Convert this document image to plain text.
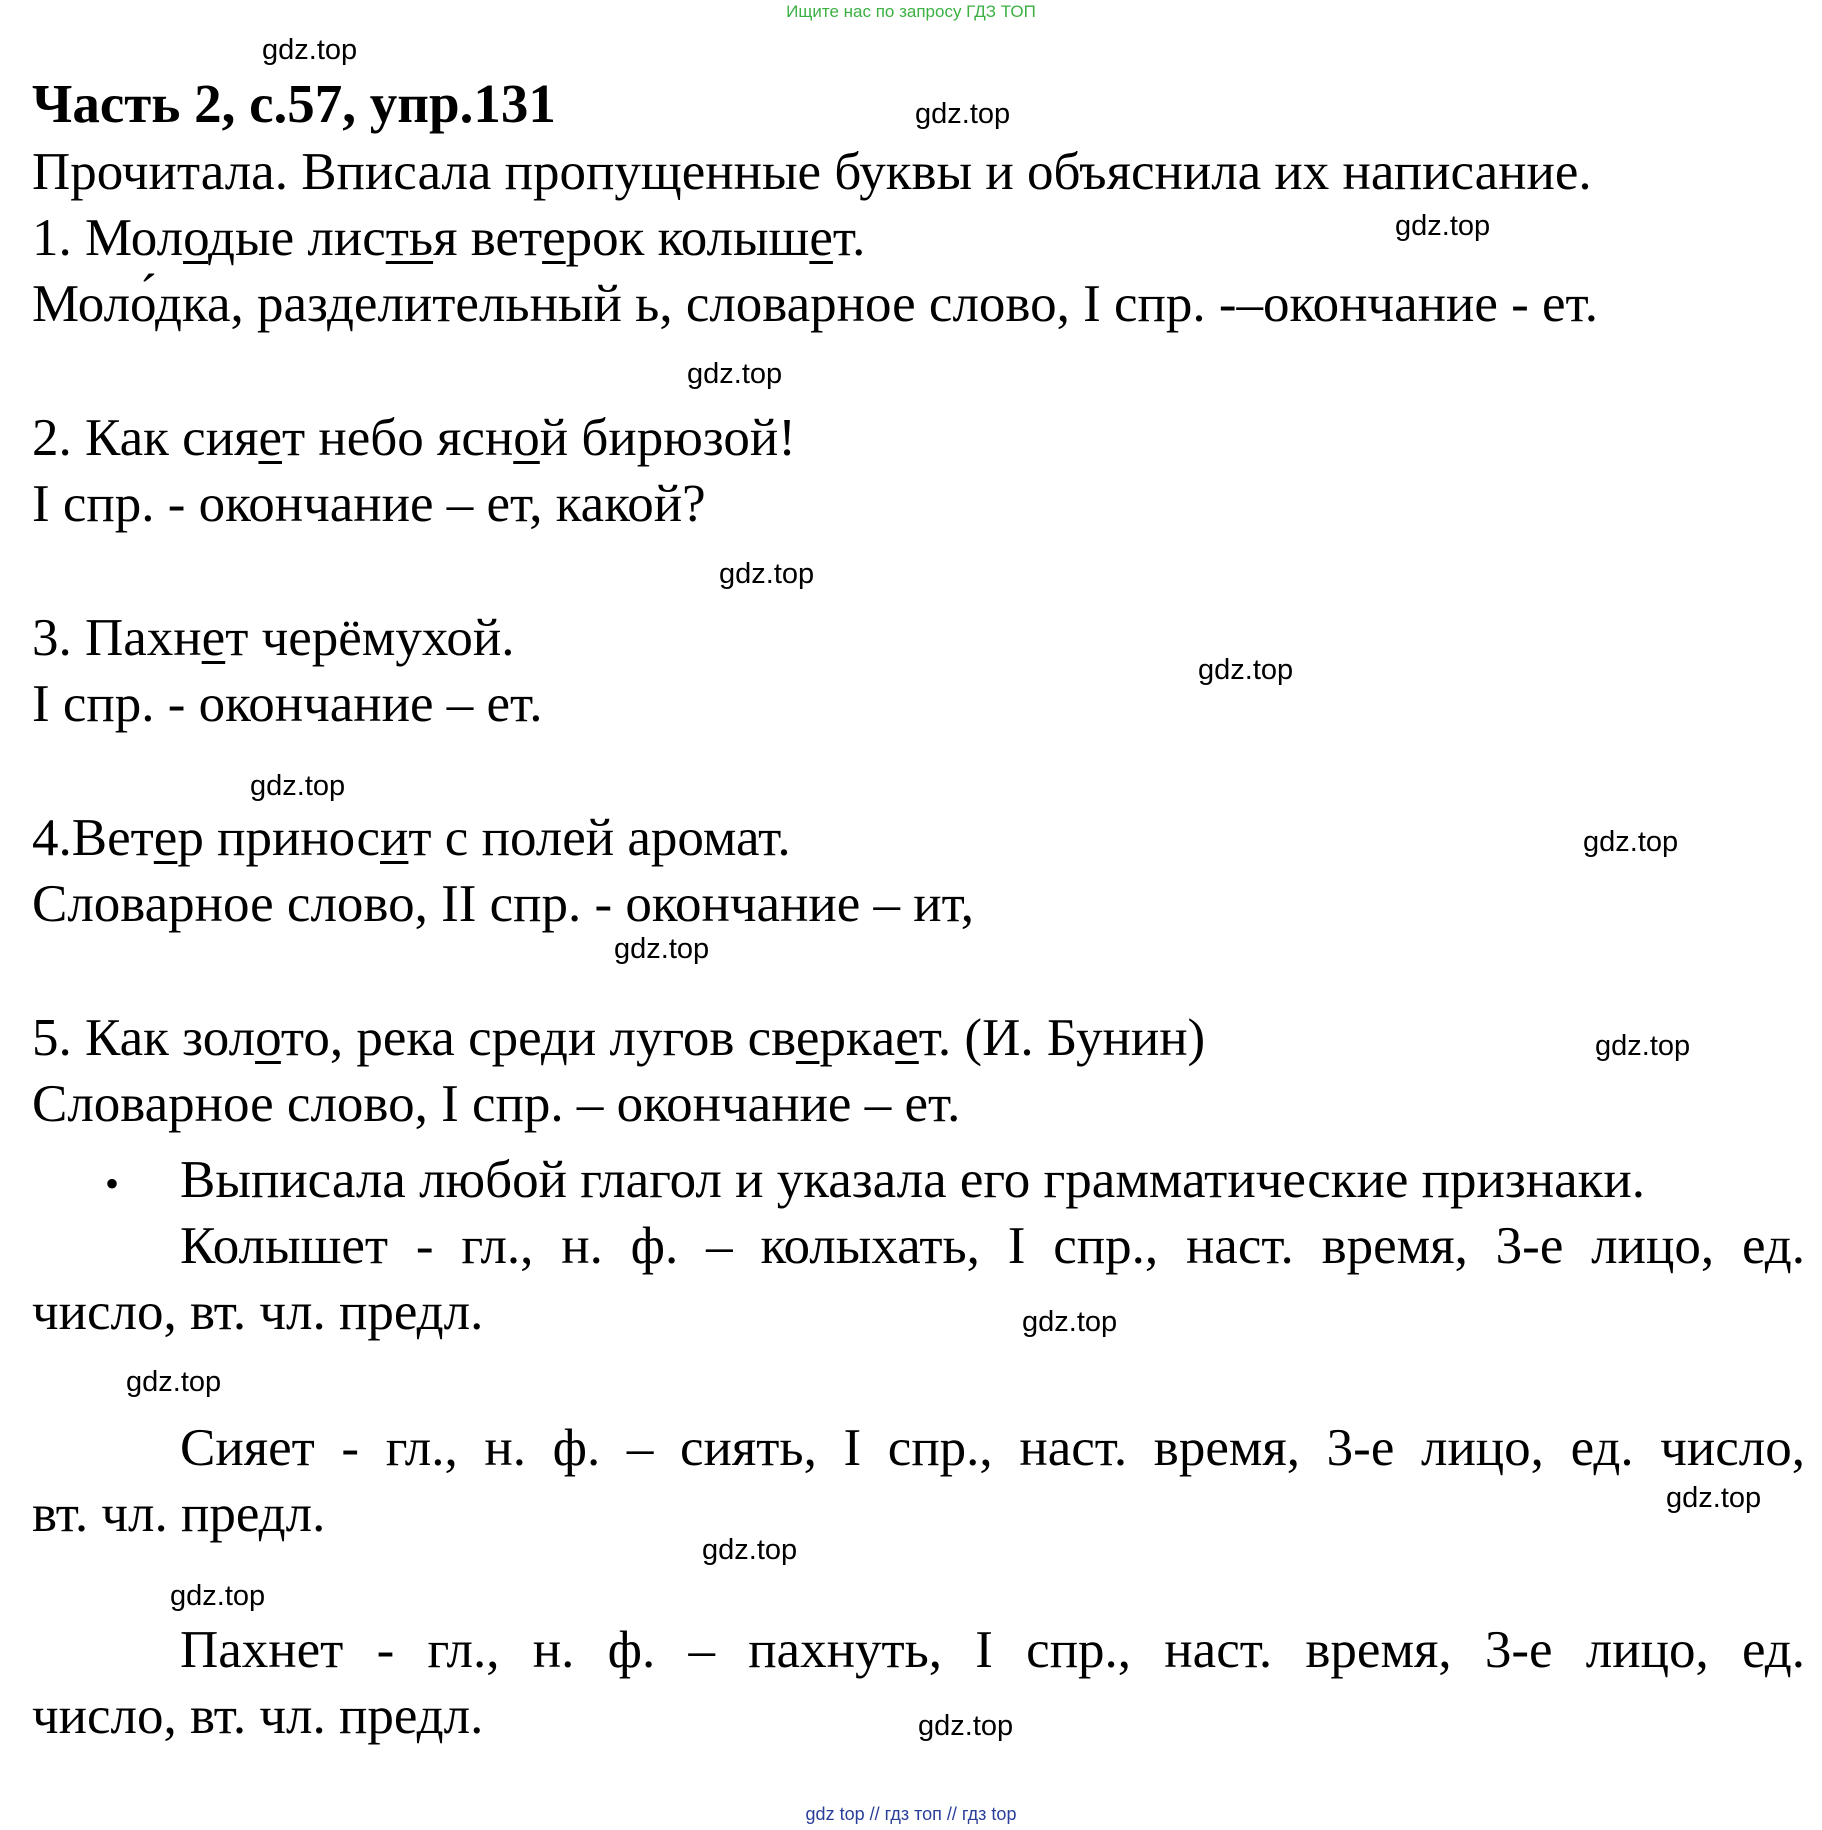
Ищите нас по запросу ГДЗ ТОП
Часть 2, с.57, упр.131
Прочитала. Вписала пропущенные буквы и объяснила их написание.
1. Молодые листья ветерок колышет.
Моло́дка, разделительный ь, словарное слово, I спр. -–окончание - ет.
2. Как сияет небо ясной бирюзой!
I спр. - окончание – ет, какой?
3. Пахнет черёмухой.
I спр. - окончание – ет.
4.Ветер приносит с полей аромат.
Словарное слово, II спр. - окончание – ит,
5. Как золото, река среди лугов сверкaет. (И. Бунин)
Словарное слово, I спр. – окончание – ет.
• Выписала любой глагол и указала его грамматические признаки.
Колышет - гл., н. ф. – колыхать, I спр., наст. время, 3-е лицо, ед.
число, вт. чл. предл.
Сияет - гл., н. ф. – сиять, I спр., наст. время, 3-е лицо, ед. число,
вт. чл. предл.
Пахнет - гл., н. ф. – пахнуть, I спр., наст. время, 3-е лицо, ед.
число, вт. чл. предл.
gdz.top
gdz.top
gdz.top
gdz.top
gdz.top
gdz.top
gdz.top
gdz.top
gdz.top
gdz.top
gdz.top
gdz.top
gdz.top
gdz.top
gdz.top
gdz.top
gdz top // гдз топ // гдз top
